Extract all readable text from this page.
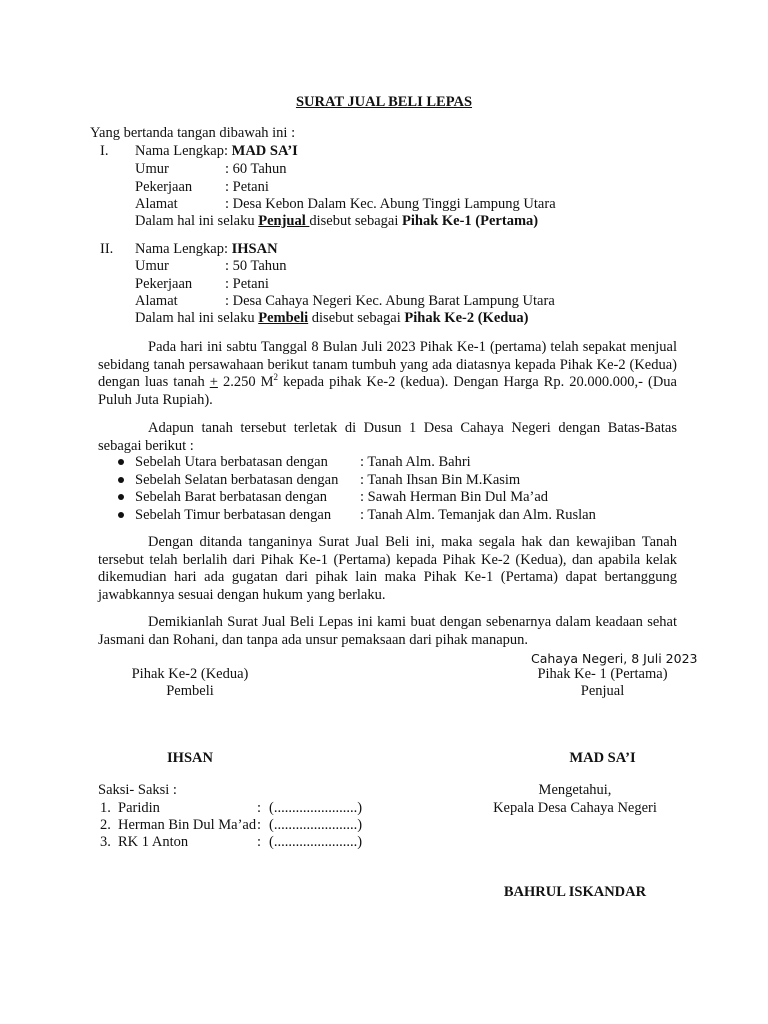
SURAT JUAL BELI LEPAS
Yang bertanda tangan dibawah ini :
I. Nama Lengkap: MAD SA’I
Umur	: 60 Tahun
Pekerjaan : Petani
Alamat	: Desa Kebon Dalam Kec. Abung Tinggi Lampung Utara
Dalam hal ini selaku Penjual disebut sebagai Pihak Ke-1 (Pertama)
II. Nama Lengkap: IHSAN
Umur	: 50 Tahun
Pekerjaan : Petani
Alamat	: Desa Cahaya Negeri Kec. Abung Barat Lampung Utara
Dalam hal ini selaku Pembeli disebut sebagai Pihak Ke-2 (Kedua)
Pada hari ini sabtu Tanggal 8 Bulan Juli 2023 Pihak Ke-1 (pertama) telah sepakat menjual sebidang tanah persawahaan berikut tanam tumbuh yang ada diatasnya kepada Pihak Ke-2 (Kedua) dengan luas tanah + 2.250 $M^2$ kepada pihak Ke-2 (kedua). Dengan Harga Rp. 20.000.000,- (Dua Puluh Juta Rupiah).
Adapun tanah tersebut terletak di Dusun 1 Desa Cahaya Negeri dengan Batas-Batas sebagai berikut :
Sebelah Utara berbatasan dengan : Tanah Alm. Bahri
Sebelah Selatan berbatasan dengan : Tanah Ihsan Bin M.Kasim
Sebelah Barat berbatasan dengan : Sawah Herman Bin Dul Ma’ad
Sebelah Timur berbatasan dengan : Tanah Alm. Temanjak dan Alm. Ruslan
Dengan ditanda tanganinya Surat Jual Beli ini, maka segala hak dan kewajiban Tanah tersebut telah berlalih dari Pihak Ke-1 (Pertama) kepada Pihak Ke-2 (Kedua), dan apabila kelak dikemudian hari ada gugatan dari pihak lain maka Pihak Ke-1 (Pertama) dapat bertanggung jawabkannya sesuai dengan hukum yang berlaku.
Demikianlah Surat Jual Beli Lepas ini kami buat dengan sebenarnya dalam keadaan sehat Jasmani dan Rohani, dan tanpa ada unsur pemaksaan dari pihak manapun.
Cahaya Negeri, 8 Juli 2023
Pihak Ke-2 (Kedua)
Pembeli
IHSAN
Pihak Ke- 1 (Pertama)
Penjual
MAD SA’I
Saksi- Saksi :
1. Paridin	: (.......................)
2. Herman Bin Dul Ma’ad : (.......................)
3. RK 1 Anton	: (.......................)
Mengetahui,
Kepala Desa Cahaya Negeri
BAHRUL ISKANDAR
